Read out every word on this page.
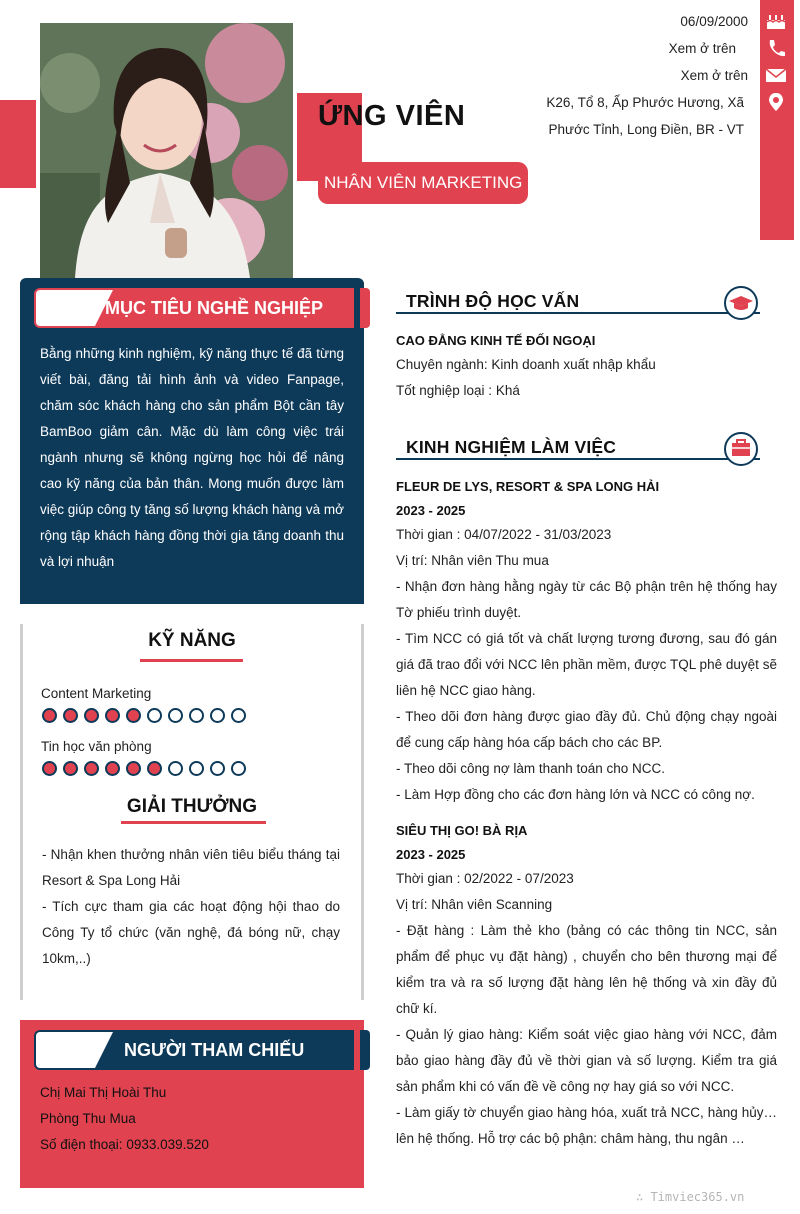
ỨNG VIÊN
NHÂN VIÊN MARKETING
06/09/2000
Xem ở trên
Xem ở trên
K26, Tổ 8, Ấp Phước Hương, Xã
Phước Tỉnh, Long Điền, BR - VT
MỤC TIÊU NGHỀ NGHIỆP
Bằng những kinh nghiệm, kỹ năng thực tế đã từng viết bài, đăng tải hình ảnh và video Fanpage, chăm sóc khách hàng cho sản phẩm Bột cần tây BamBoo giảm cân. Mặc dù làm công việc trái ngành nhưng sẽ không ngừng học hỏi để nâng cao kỹ năng của bản thân. Mong muốn được làm việc giúp công ty tăng số lượng khách hàng và mở rộng tập khách hàng đồng thời gia tăng doanh thu và lợi nhuận
KỸ NĂNG
Content Marketing
Tin học văn phòng
GIẢI THƯỞNG

- Nhận khen thưởng nhân viên tiêu biểu tháng tại Resort & Spa Long Hải

- Tích cực tham gia các hoạt động hội thao do Công Ty tổ chức (văn nghệ, đá bóng nữ, chạy 10km,..)

NGƯỜI THAM CHIẾU
Chị Mai Thị Hoài Thu
Phòng Thu Mua
Số điện thoại: 0933.039.520
TRÌNH ĐỘ HỌC VẤN
CAO ĐẲNG KINH TẾ ĐỐI NGOẠI
Chuyên ngành: Kinh doanh xuất nhập khẩu
Tốt nghiệp loại : Khá
KINH NGHIỆM LÀM VIỆC
FLEUR DE LYS, RESORT & SPA LONG HẢI
2023 - 2025
Thời gian : 04/07/2022 - 31/03/2023
Vị trí: Nhân viên Thu mua

- Nhận đơn hàng hằng ngày từ các Bộ phận trên hệ thống hay Tờ phiếu trình duyệt.

- Tìm NCC có giá tốt và chất lượng tương đương, sau đó gán giá đã trao đổi với NCC lên phần mềm, được TQL phê duyệt sẽ liên hệ NCC giao hàng.

- Theo dõi đơn hàng được giao đầy đủ. Chủ động chạy ngoài để cung cấp hàng hóa cấp bách cho các BP.

- Theo dõi công nợ làm thanh toán cho NCC.

- Làm Hợp đồng cho các đơn hàng lớn và NCC có công nợ.

SIÊU THỊ GO! BÀ RỊA
2023 - 2025
Thời gian : 02/2022 - 07/2023
Vị trí: Nhân viên Scanning

- Đặt hàng : Làm thẻ kho (bảng có các thông tin NCC, sản phẩm để phục vụ đặt hàng) , chuyển cho bên thương mại để kiểm tra và ra số lượng đặt hàng lên hệ thống và xin đầy đủ chữ kí.

- Quản lý giao hàng: Kiểm soát việc giao hàng với NCC, đảm bảo giao hàng đầy đủ về thời gian và số lượng. Kiểm tra giá sản phẩm khi có vấn đề về công nợ hay giá so với NCC.

- Làm giấy tờ chuyển giao hàng hóa, xuất trả NCC, hàng hủy… lên hệ thống. Hỗ trợ các bộ phận: châm hàng, thu ngân …

∴ Timviec365.vn
